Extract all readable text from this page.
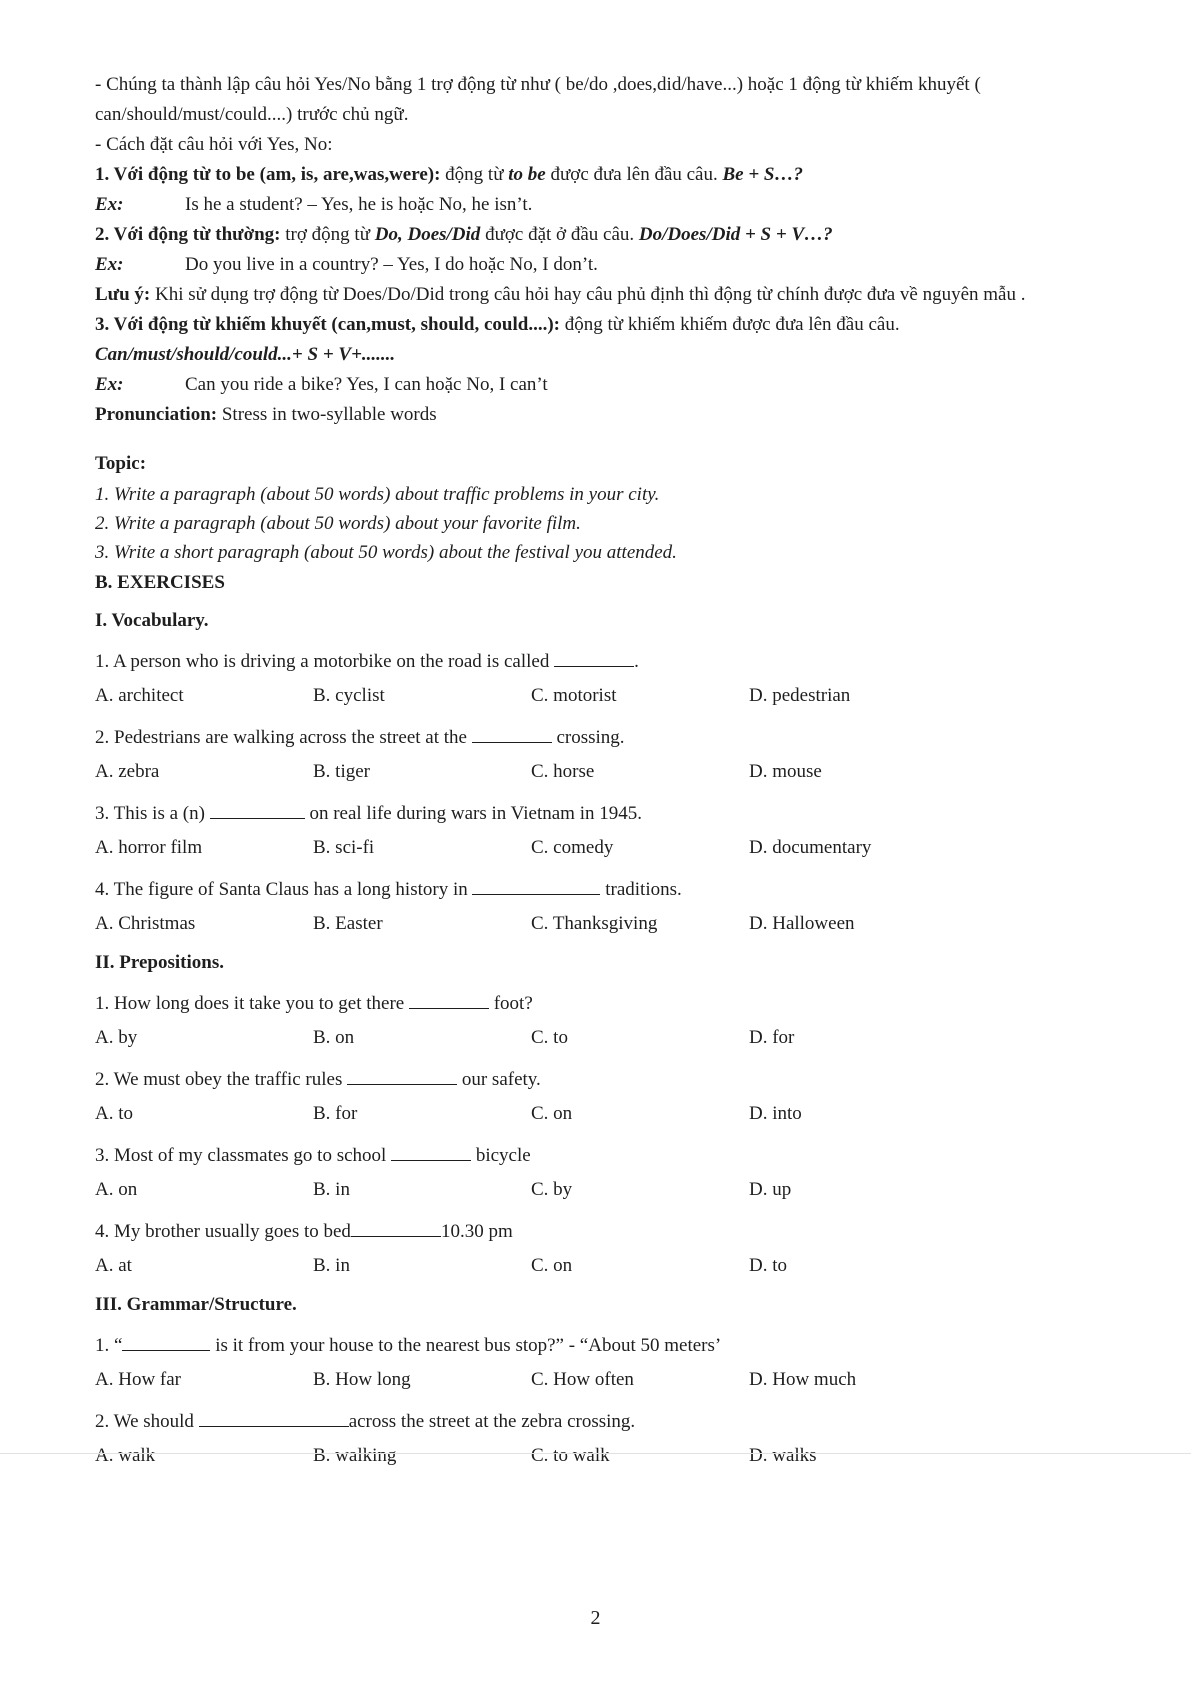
- Chúng ta thành lập câu hỏi Yes/No bằng 1 trợ động từ như ( be/do ,does,did/have...) hoặc 1 động từ khiếm khuyết ( can/should/must/could....) trước chủ ngữ.
- Cách đặt câu hỏi với Yes, No:
1. Với động từ to be (am, is, are,was,were): động từ to be được đưa lên đầu câu. Be + S…?
Ex:	Is he a student? – Yes, he is hoặc No, he isn’t.
2. Với động từ thường: trợ động từ Do, Does/Did được đặt ở đầu câu. Do/Does/Did + S + V…?
Ex:	Do you live in a country? – Yes, I do hoặc No, I don’t.
Lưu ý: Khi sử dụng trợ động từ Does/Do/Did trong câu hỏi hay câu phủ định thì động từ chính được đưa về nguyên mẫu .
3. Với động từ khiếm khuyết (can,must, should, could....): động từ khiếm khiếm được đưa lên đầu câu.
Can/must/should/could...+ S + V+.......
Ex:	Can you ride a bike? Yes, I can hoặc No, I can’t
Pronunciation: Stress in two-syllable words
Topic:
1. Write a paragraph (about 50 words) about traffic problems in your city.
2. Write a paragraph (about 50 words) about your favorite film.
3. Write a short paragraph (about 50 words) about the festival you attended.
B. EXERCISES
I. Vocabulary.
1. A person who is driving a motorbike on the road is called	.
A. architect	B. cyclist	C. motorist	D. pedestrian
2. Pedestrians are walking across the street at the	crossing.
A. zebra	B. tiger	C. horse	D. mouse
3. This is a (n)	on real life during wars in Vietnam in 1945.
A. horror film	B. sci-fi	C. comedy	D. documentary
4. The figure of Santa Claus has a long history in	traditions.
A. Christmas	B. Easter	C. Thanksgiving	D. Halloween
II. Prepositions.
1. How long does it take you to get there	foot?
A. by	B. on	C. to	D. for
2. We must obey the traffic rules	our safety.
A. to	B. for	C. on	D. into
3. Most of my classmates go to school	bicycle
A. on	B. in	C. by	D. up
4. My brother usually goes to bed	10.30 pm
A. at	B. in	C. on	D. to
III. Grammar/Structure.
1. “	is it from your house to the nearest bus stop?” - “About 50 meters’
A. How far	B. How long	C. How often	D. How much
2. We should	across the street at the zebra crossing.
A. walk	B. walking	C. to walk	D. walks
2
